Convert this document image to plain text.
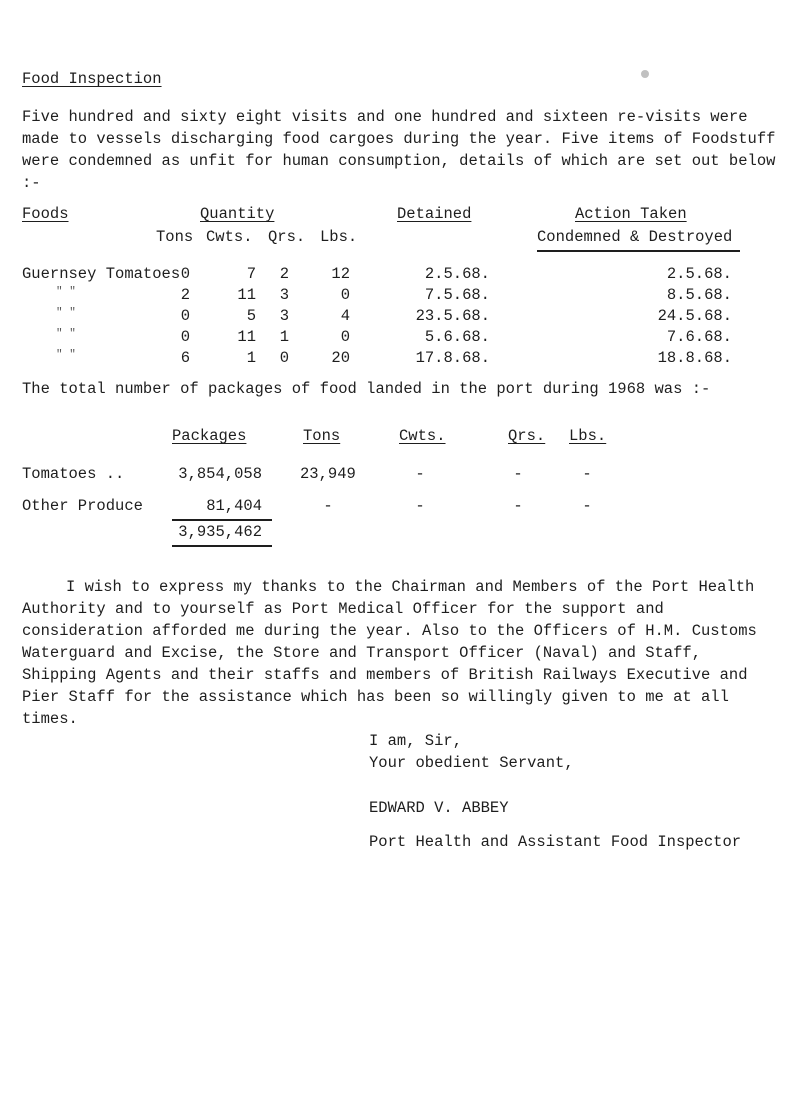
Food Inspection
Five hundred and sixty eight visits and one hundred and sixteen re-visits were made to vessels discharging food cargoes during the year. Five items of Foodstuff were condemned as unfit for human consumption, details of which are set out below :-
Foods	Quantity
Tons Cwts. Qrs. Lbs.
Detained	Action Taken
Condemned & Destroyed
Guernsey Tomatoes 0	7	2	12	2.5.68.	2.5.68.
" "	2	11	3	0	7.5.68.	8.5.68.
" "	0	5	3	4	23.5.68.	24.5.68.
" "	0	11	1	0	5.6.68.	7.6.68.
" "	6	1	0	20	17.8.68.	18.8.68.
The total number of packages of food landed in the port during 1968 was :-
Packages	Tons	Cwts.	Qrs. Lbs.
Tomatoes ..	3,854,058 23,949	-	-	-
Other Produce	81,404	-	-	-	-
3,935,462
I wish to express my thanks to the Chairman and Members of the Port Health Authority and to yourself as Port Medical Officer for the support and consideration afforded me during the year. Also to the Officers of H.M. Customs Waterguard and Excise, the Store and Transport Officer (Naval) and Staff, Shipping Agents and their staffs and members of British Railways Executive and Pier Staff for the assistance which has been so willingly given to me at all times.
I am, Sir,
Your obedient Servant,
EDWARD V. ABBEY
Port Health and Assistant Food Inspector
